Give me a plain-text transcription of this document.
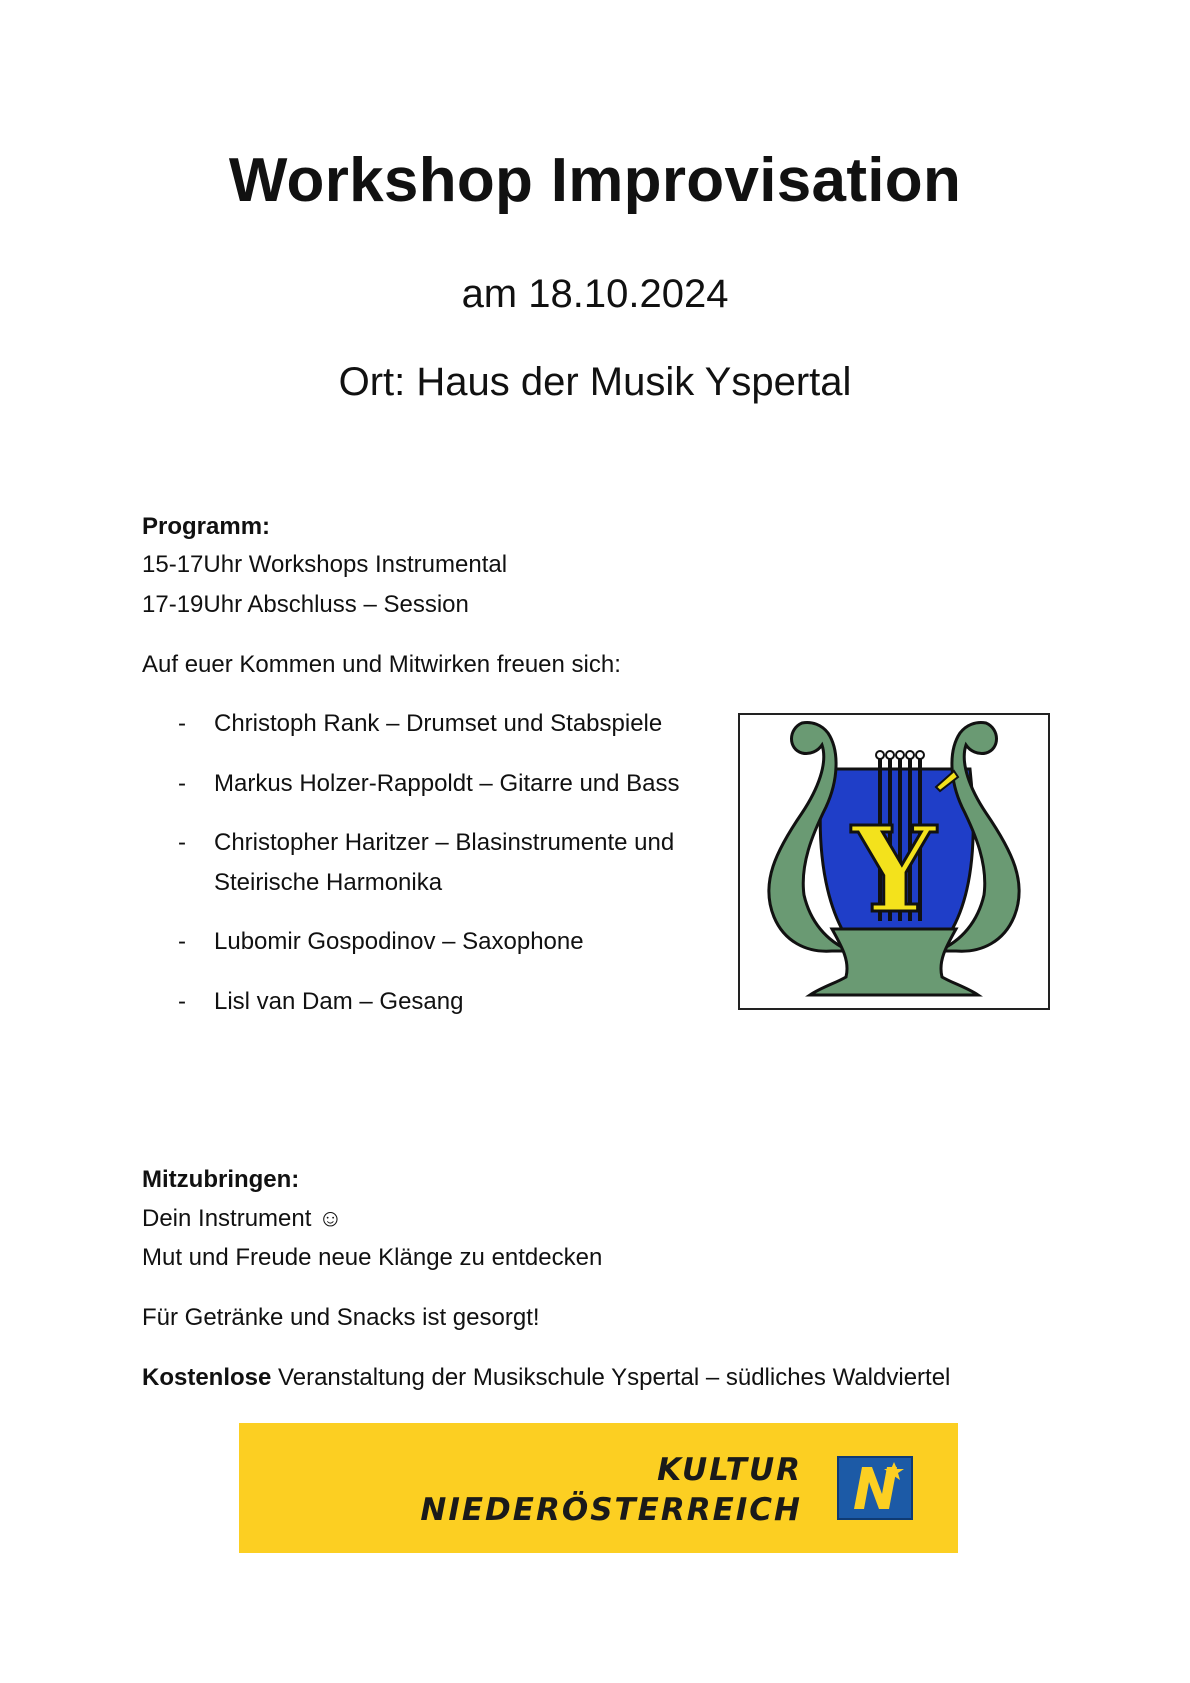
Workshop Improvisation
am 18.10.2024
Ort: Haus der Musik Yspertal
Programm:
15-17Uhr Workshops Instrumental
17-19Uhr Abschluss – Session
Auf euer Kommen und Mitwirken freuen sich:
- Christoph Rank – Drumset und Stabspiele
- Markus Holzer-Rappoldt – Gitarre und Bass
- Christopher Haritzer – Blasinstrumente und
Steirische Harmonika
- Lubomir Gospodinov – Saxophone
- Lisl van Dam – Gesang
Y
Mitzubringen:
Dein Instrument ☺
Mut und Freude neue Klänge zu entdecken
Für Getränke und Snacks ist gesorgt!
Kostenlose Veranstaltung der Musikschule Yspertal – südliches Waldviertel
KULTUR
NIEDERÖSTERREICH
